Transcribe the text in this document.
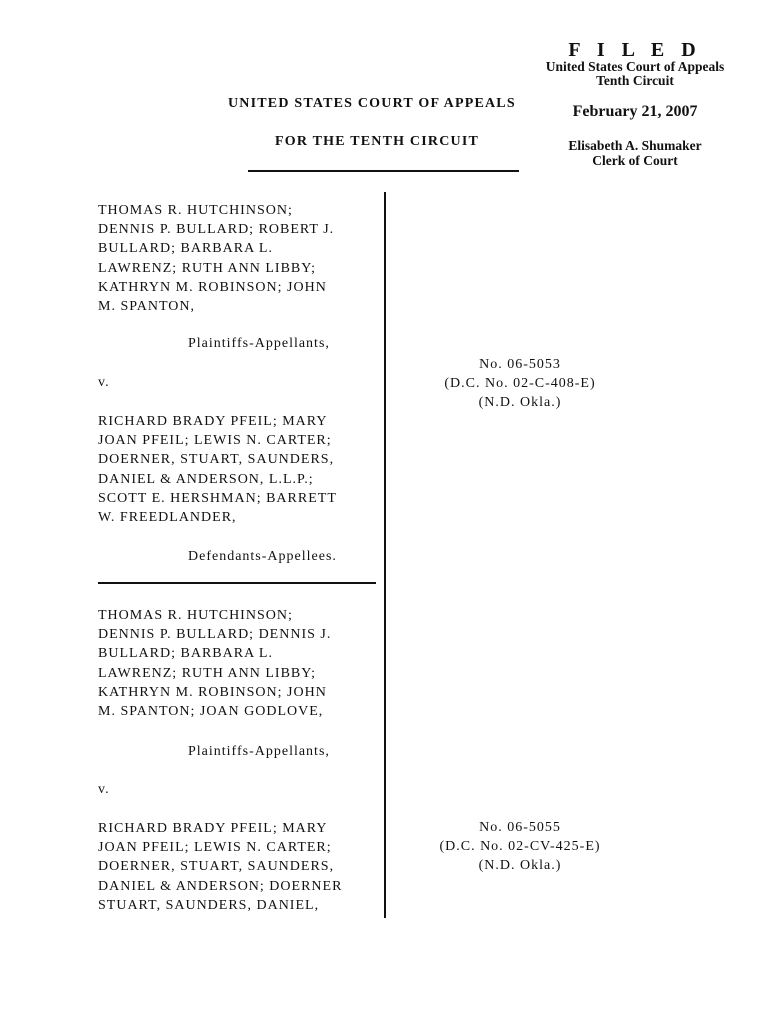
F I L E D
United States Court of Appeals
Tenth Circuit
February 21, 2007
Elisabeth A. Shumaker
Clerk of Court
UNITED STATES COURT OF APPEALS
FOR THE TENTH CIRCUIT
THOMAS R. HUTCHINSON;
DENNIS P. BULLARD; ROBERT J.
BULLARD; BARBARA L.
LAWRENZ; RUTH ANN LIBBY;
KATHRYN M. ROBINSON; JOHN
M. SPANTON,
Plaintiffs-Appellants,
v.
RICHARD BRADY PFEIL; MARY
JOAN PFEIL; LEWIS N. CARTER;
DOERNER, STUART, SAUNDERS,
DANIEL & ANDERSON, L.L.P.;
SCOTT E. HERSHMAN; BARRETT
W. FREEDLANDER,
Defendants-Appellees.
No. 06-5053
(D.C. No. 02-C-408-E)
(N.D. Okla.)
THOMAS R. HUTCHINSON;
DENNIS P. BULLARD; DENNIS J.
BULLARD; BARBARA L.
LAWRENZ; RUTH ANN LIBBY;
KATHRYN M. ROBINSON; JOHN
M. SPANTON; JOAN GODLOVE,
Plaintiffs-Appellants,
v.
RICHARD BRADY PFEIL; MARY
JOAN PFEIL; LEWIS N. CARTER;
DOERNER, STUART, SAUNDERS,
DANIEL & ANDERSON; DOERNER
STUART, SAUNDERS, DANIEL,
No. 06-5055
(D.C. No. 02-CV-425-E)
(N.D. Okla.)
